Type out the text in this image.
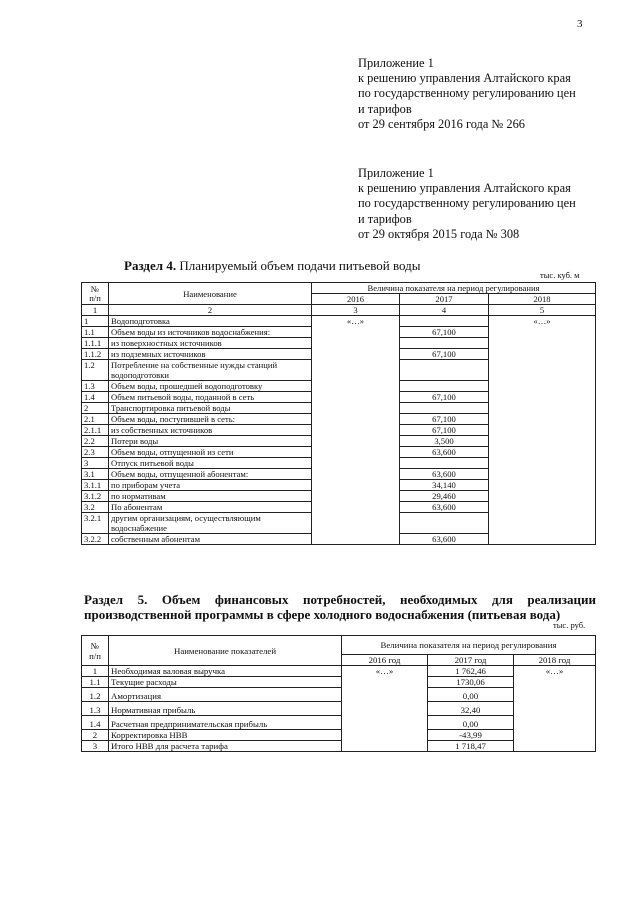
3
Приложение 1
к решению управления Алтайского края
по государственному регулированию цен
и тарифов
от 29 сентября 2016 года № 266
Приложение 1
к решению управления Алтайского края
по государственному регулированию цен
и тарифов
от 29 октября 2015 года № 308
Раздел 4. Планируемый объем подачи питьевой воды
тыс. куб. м
№
п/п	Наименование	Величина показателя на период регулирования		
		2016	2017	2018
1	2	3	4	5
1	Водоподготовка	«…»		«…»
1.1	Объем воды из источников водоснабжения:		67,100	
1.1.1	из поверхностных источников			
1.1.2	из подземных источников		67,100	
1.2	Потребление на собственные нужды станций водоподготовки			
1.3	Объем воды, прошедшей водоподготовку			
1.4	Объем питьевой воды, поданной в сеть		67,100	
2	Транспортировка питьевой воды			
2.1	Объем воды, поступившей в сеть:		67,100	
2.1.1	из собственных источников		67,100	
2.2	Потери воды		3,500	
2.3	Объем воды, отпущенной из сети		63,600	
3	Отпуск питьевой воды			
3.1	Объем воды, отпущенной абонентам:		63,600	
3.1.1	по приборам учета		34,140	
3.1.2	по нормативам		29,460	
3.2	По абонентам		63,600	
3.2.1	другим организациям, осуществляющим водоснабжение			
3.2.2	собственным абонентам		63,600	
Раздел 5. Объем финансовых потребностей, необходимых для реализации производственной программы в сфере холодного водоснабжения (питьевая вода)
тыс. руб.
№
п/п	Наименование показателей	Величина показателя на период регулирования		
		2016 год	2017 год	2018 год
1	Необходимая валовая выручка	«…»	1 762,46	«…»
1.1	Текущие расходы		1730,06	
1.2	Амортизация		0,00	
1.3	Нормативная прибыль		32,40	
1.4	Расчетная предпринимательская прибыль		0,00	
2	Корректировка НВВ		-43,99	
3	Итого НВВ для расчета тарифа		1 718,47	
